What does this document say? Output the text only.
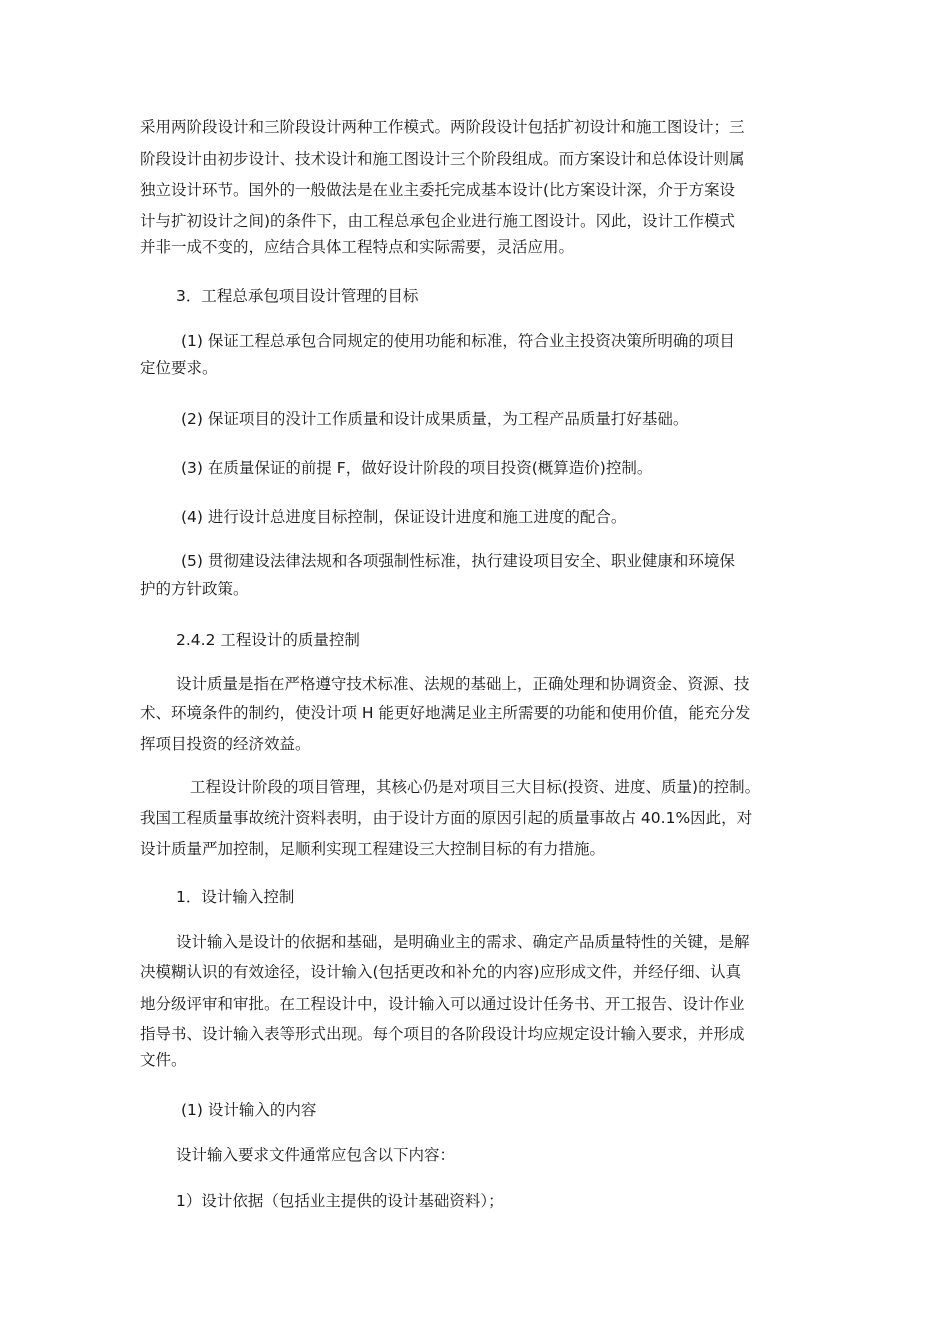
采用两阶段设计和三阶段设计两种工作模式。两阶段设计包括扩初设计和施工图设计；三
阶段设计由初步设计、技术设计和施工图设计三个阶段组成。而方案设计和总体设计则属
独立设计环节。国外的一般做法是在业主委托完成基本设计(比方案设计深，介于方案设
计与扩初设计之间)的条件下，由工程总承包企业进行施工图设计。冈此，设计工作模式
并非一成不变的，应结合具体工程特点和实际需要，灵活应用。
3．工程总承包项目设计管理的目标
(1) 保证工程总承包合同规定的使用功能和标准，符合业主投资决策所明确的项目
定位要求。
(2) 保证项目的没计工作质量和设计成果质量，为工程产品质量打好基础。
(3) 在质量保证的前提 F，做好设计阶段的项目投资(概算造价)控制。
(4) 进行设计总进度目标控制，保证设计进度和施工进度的配合。
(5) 贯彻建设法律法规和各项强制性标准，执行建设项目安全、职业健康和环境保
护的方针政策。
2.4.2 工程设计的质量控制
设计质量是指在严格遵守技术标准、法规的基础上，正确处理和协调资金、资源、技
术、环境条件的制约，使没计项 H 能更好地满足业主所需要的功能和使用价值，能充分发
挥项目投资的经济效益。
工程设计阶段的项目管理，其核心仍是对项目三大目标(投资、进度、质量)的控制。
我国工程质量事故统汁资料表明，由于设计方面的原因引起的质量事故占 40.1%因此，对
设计质量严加控制，足顺利实现工程建设三大控制目标的有力措施。
1．设计输入控制
设计输入是设计的依据和基础，是明确业主的需求、确定产品质量特性的关键，是解
决模糊认识的有效途径，设计输入(包括更改和补允的内容)应形成文件，并经仔细、认真
地分级评审和审批。在工程设计中，设计输入可以通过设计任务书、开工报告、设计作业
指导书、设计输入表等形式出现。每个项目的各阶段设计均应规定设计输入要求，并形成
文件。
(1) 设计输入的内容
设计输入要求文件通常应包含以下内容：
1）设计依据（包括业主提供的设计基础资料）；
